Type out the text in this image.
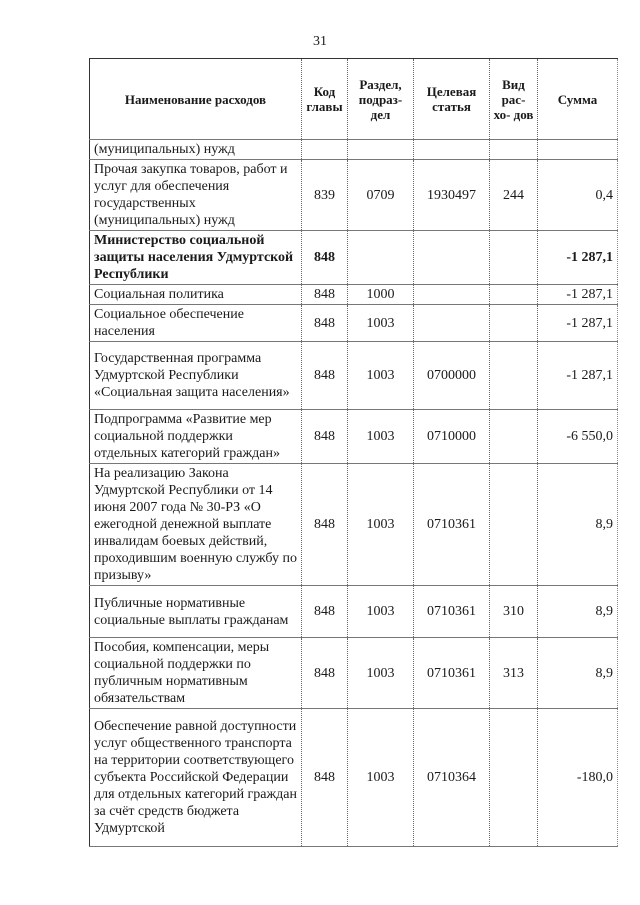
31
Наименование расходов	Код главы	Раздел, подраз- дел	Целевая статья	Вид рас- хо- дов	Сумма
(муниципальных) нужд					
Прочая закупка товаров, работ и услуг для обеспечения государственных (муниципальных) нужд	839	0709	1930497	244	0,4
Министерство социальной защиты населения Удмуртской Республики	848				-1 287,1
Социальная политика	848	1000			-1 287,1
Социальное обеспечение населения	848	1003			-1 287,1
Государственная программа Удмуртской Республики «Социальная защита населения»	848	1003	0700000		-1 287,1
Подпрограмма «Развитие мер социальной поддержки отдельных категорий граждан»	848	1003	0710000		-6 550,0
На реализацию Закона Удмуртской Республики от 14 июня 2007 года № 30-РЗ «О ежегодной денежной выплате инвалидам боевых действий, проходившим военную службу по призыву»	848	1003	0710361		8,9
Публичные нормативные социальные выплаты гражданам	848	1003	0710361	310	8,9
Пособия, компенсации, меры социальной поддержки по публичным нормативным обязательствам	848	1003	0710361	313	8,9
Обеспечение равной доступности услуг общественного транспорта на территории соответствующего субъекта Российской Федерации для отдельных категорий граждан за счёт средств бюджета Удмуртской	848	1003	0710364		-180,0
